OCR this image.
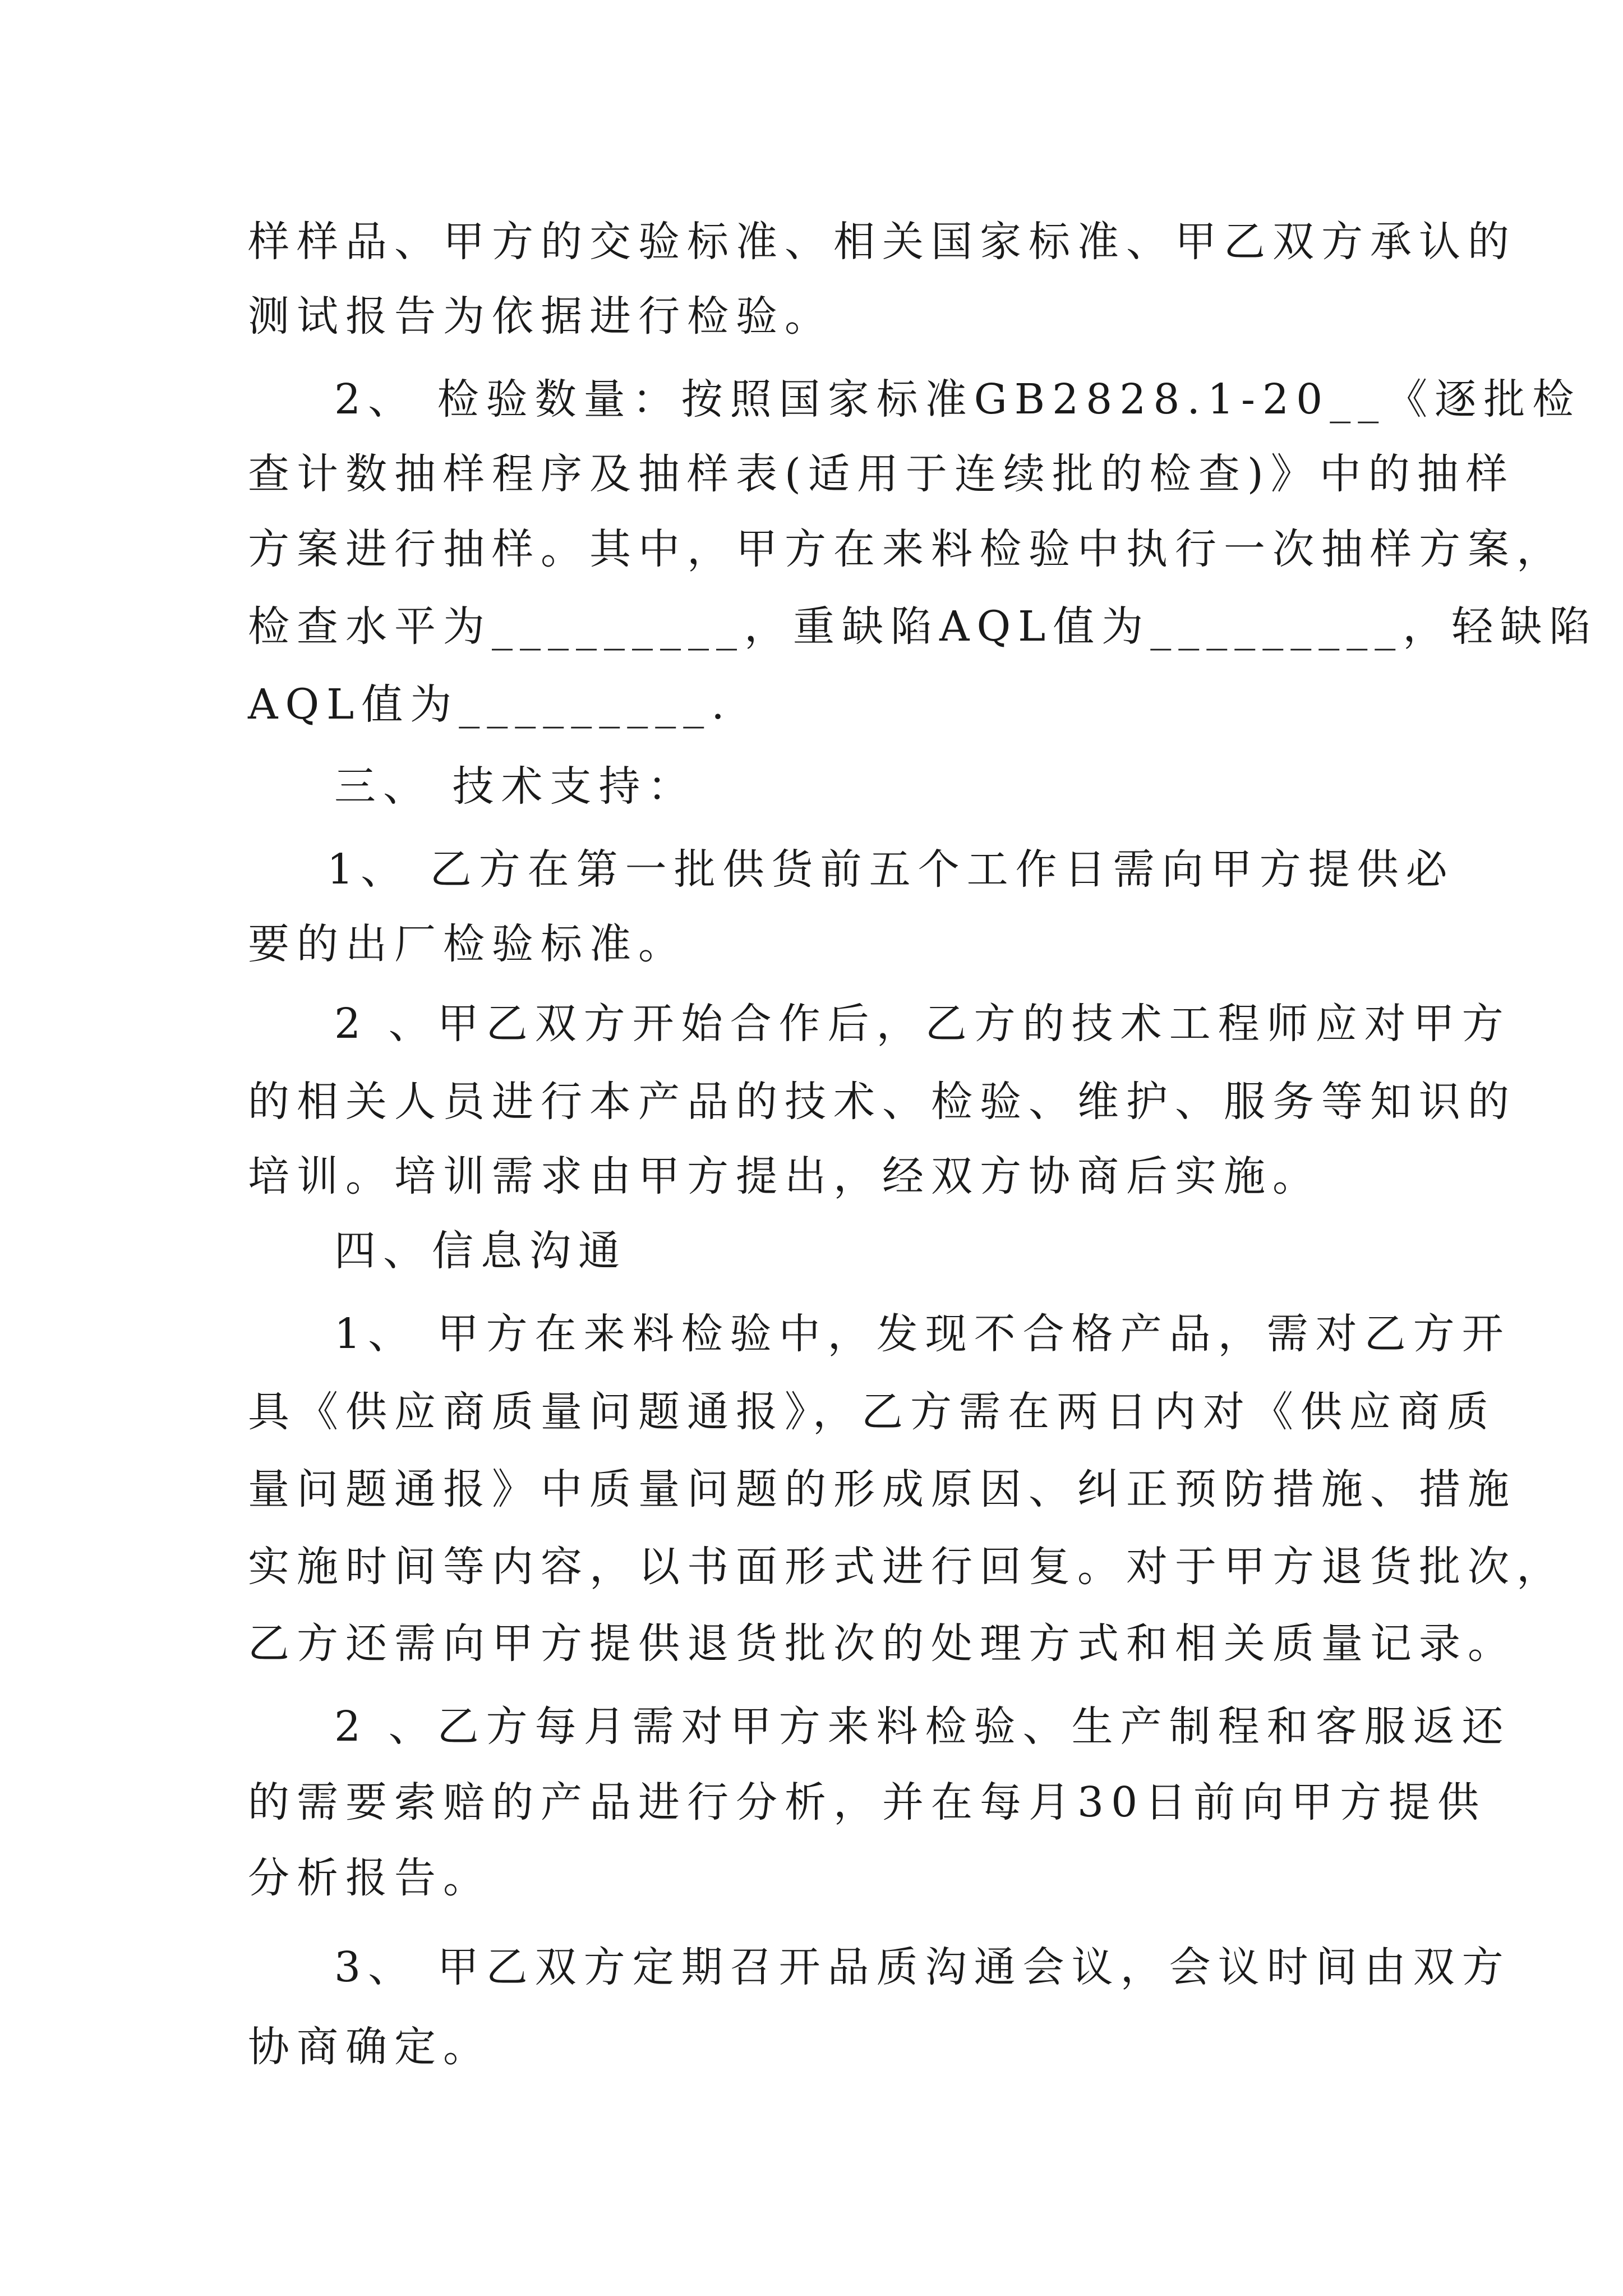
样样品、甲方的交验标准、相关国家标准、甲乙双方承认的
测试报告为依据进行检验。
2、 检验数量：按照国家标准GB2828.1-20__《逐批检
查计数抽样程序及抽样表(适用于连续批的检查)》中的抽样
方案进行抽样。其中，甲方在来料检验中执行一次抽样方案，
检查水平为_________，重缺陷AQL值为_________，轻缺陷
AQL值为_________.
三、 技术支持：
1、 乙方在第一批供货前五个工作日需向甲方提供必
要的出厂检验标准。
2 、甲乙双方开始合作后，乙方的技术工程师应对甲方
的相关人员进行本产品的技术、检验、维护、服务等知识的
培训。培训需求由甲方提出，经双方协商后实施。
四、信息沟通
1、 甲方在来料检验中，发现不合格产品，需对乙方开
具《供应商质量问题通报》，乙方需在两日内对《供应商质
量问题通报》中质量问题的形成原因、纠正预防措施、措施
实施时间等内容，以书面形式进行回复。对于甲方退货批次，
乙方还需向甲方提供退货批次的处理方式和相关质量记录。
2 、乙方每月需对甲方来料检验、生产制程和客服返还
的需要索赔的产品进行分析，并在每月30日前向甲方提供
分析报告。
3、 甲乙双方定期召开品质沟通会议，会议时间由双方
协商确定。
